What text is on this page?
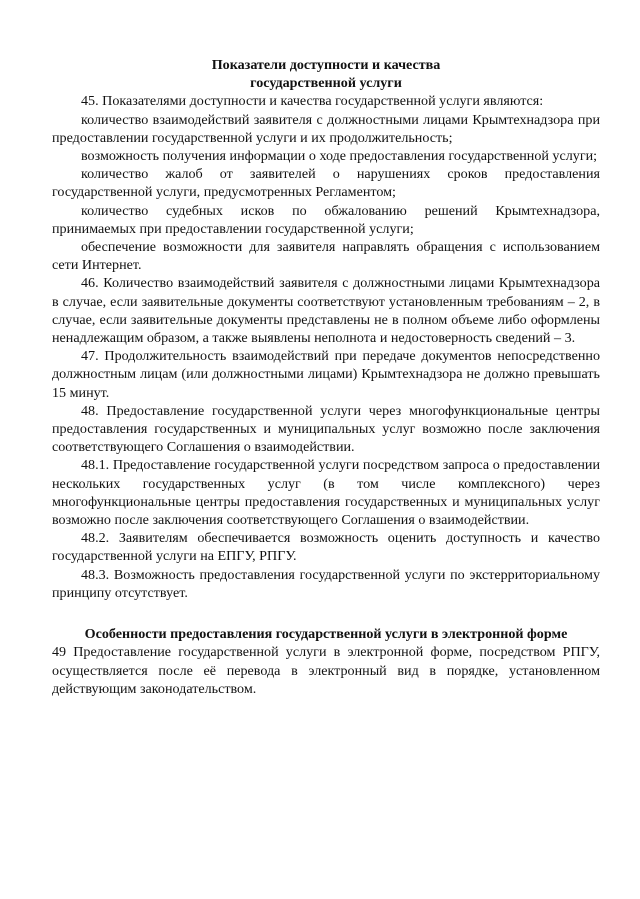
Показатели доступности и качества
государственной услуги

45. Показателями доступности и качества государственной услуги являются:

количество взаимодействий заявителя с должностными лицами Крымтехнадзора при предоставлении государственной услуги и их продолжительность;

возможность получения информации о ходе предоставления государственной услуги;

количество жалоб от заявителей о нарушениях сроков предоставления государственной услуги, предусмотренных Регламентом;

количество судебных исков по обжалованию решений Крымтехнадзора, принимаемых при предоставлении государственной услуги;

обеспечение возможности для заявителя направлять обращения с использованием сети Интернет.

46. Количество взаимодействий заявителя с должностными лицами Крымтехнадзора в случае, если заявительные документы соответствуют установленным требованиям – 2, в случае, если заявительные документы представлены не в полном объеме либо оформлены ненадлежащим образом, а также выявлены неполнота и недостоверность сведений – 3.

47. Продолжительность взаимодействий при передаче документов непосредственно должностным лицам (или должностными лицами) Крымтехнадзора не должно превышать 15 минут.

48. Предоставление государственной услуги через многофункциональные центры предоставления государственных и муниципальных услуг возможно после заключения соответствующего Соглашения о взаимодействии.

48.1. Предоставление государственной услуги посредством запроса о предоставлении нескольких государственных услуг (в том числе комплексного) через многофункциональные центры предоставления государственных и муниципальных услуг возможно после заключения соответствующего Соглашения о взаимодействии.

48.2. Заявителям обеспечивается возможность оценить доступность и качество государственной услуги на ЕПГУ, РПГУ.

48.3. Возможность предоставления государственной услуги по экстерриториальному принципу отсутствует.

Особенности предоставления государственной услуги в электронной форме

49 Предоставление государственной услуги в электронной форме, посредством РПГУ, осуществляется после её перевода в электронный вид в порядке, установленном действующим законодательством.
